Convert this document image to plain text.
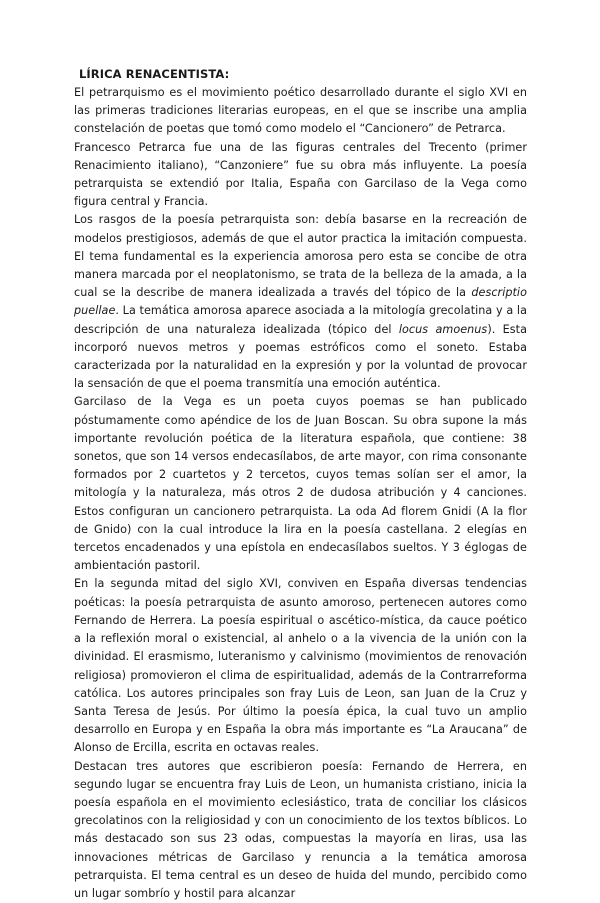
LÍRICA RENACENTISTA:

El petrarquismo es el movimiento poético desarrollado durante el siglo XVI en las primeras tradiciones literarias europeas, en el que se inscribe una amplia constelación de poetas que tomó como modelo el “Cancionero” de Petrarca.

Francesco Petrarca fue una de las figuras centrales del Trecento (primer Renacimiento italiano), “Canzoniere” fue su obra más influyente. La poesía petrarquista se extendió por Italia, España con Garcilaso de la Vega como figura central y Francia.

Los rasgos de la poesía petrarquista son: debía basarse en la recreación de modelos prestigiosos, además de que el autor practica la imitación compuesta. El tema fundamental es la experiencia amorosa pero esta se concibe de otra manera marcada por el neoplatonismo, se trata de la belleza de la amada, a la cual se la describe de manera idealizada a través del tópico de la descriptio puellae. La temática amorosa aparece asociada a la mitología grecolatina y a la descripción de una naturaleza idealizada (tópico del locus amoenus). Esta incorporó nuevos metros y poemas estróficos como el soneto. Estaba caracterizada por la naturalidad en la expresión y por la voluntad de provocar la sensación de que el poema transmitía una emoción auténtica.

Garcilaso de la Vega es un poeta cuyos poemas se han publicado póstumamente como apéndice de los de Juan Boscan. Su obra supone la más importante revolución poética de la literatura española, que contiene: 38 sonetos, que son 14 versos endecasílabos, de arte mayor, con rima consonante formados por 2 cuartetos y 2 tercetos, cuyos temas solían ser el amor, la mitología y la naturaleza, más otros 2 de dudosa atribución y 4 canciones. Estos configuran un cancionero petrarquista. La oda Ad florem Gnidi (A la flor de Gnido) con la cual introduce la lira en la poesía castellana. 2 elegías en tercetos encadenados y una epístola en endecasílabos sueltos. Y 3 églogas de ambientación pastoril.

En la segunda mitad del siglo XVI, conviven en España diversas tendencias poéticas: la poesía petrarquista de asunto amoroso, pertenecen autores como Fernando de Herrera. La poesía espiritual o ascético-mística, da cauce poético a la reflexión moral o existencial, al anhelo o a la vivencia de la unión con la divinidad. El erasmismo, luteranismo y calvinismo (movimientos de renovación religiosa) promovieron el clima de espiritualidad, además de la Contrarreforma católica. Los autores principales son fray Luis de Leon, san Juan de la Cruz y Santa Teresa de Jesús. Por último la poesía épica, la cual tuvo un amplio desarrollo en Europa y en España la obra más importante es “La Araucana” de Alonso de Ercilla, escrita en octavas reales.

Destacan tres autores que escribieron poesía: Fernando de Herrera, en segundo lugar se encuentra fray Luis de Leon, un humanista cristiano, inicia la poesía española en el movimiento eclesiástico, trata de conciliar los clásicos grecolatinos con la religiosidad y con un conocimiento de los textos bíblicos. Lo más destacado son sus 23 odas, compuestas la mayoría en liras, usa las innovaciones métricas de Garcilaso y renuncia a la temática amorosa petrarquista. El tema central es un deseo de huida del mundo, percibido como un lugar sombrío y hostil para alcanzar
